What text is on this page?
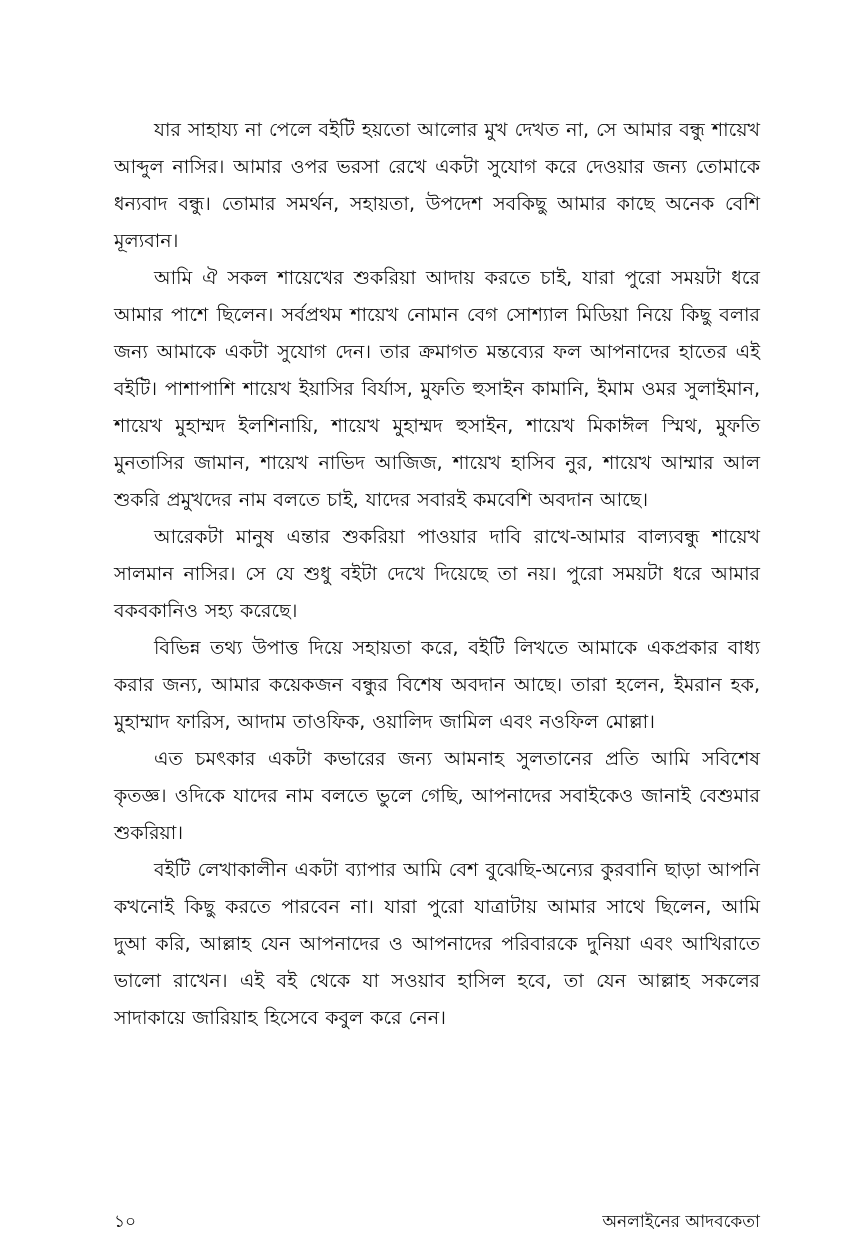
যার সাহায্য না পেলে বইটি হয়তো আলোর মুখ দেখত না, সে আমার বন্ধু শায়েখ আব্দুল নাসির। আমার ওপর ভরসা রেখে একটা সুযোগ করে দেওয়ার জন্য তোমাকে ধন্যবাদ বন্ধু। তোমার সমর্থন, সহায়তা, উপদেশ সবকিছু আমার কাছে অনেক বেশি মূল্যবান।

আমি ঐ সকল শায়েখের শুকরিয়া আদায় করতে চাই, যারা পুরো সময়টা ধরে আমার পাশে ছিলেন। সর্বপ্রথম শায়েখ নোমান বেগ সোশ্যাল মিডিয়া নিয়ে কিছু বলার জন্য আমাকে একটা সুযোগ দেন। তার ক্রমাগত মন্তব্যের ফল আপনাদের হাতের এই বইটি। পাশাপাশি শায়েখ ইয়াসির বির্যাস, মুফতি হুসাইন কামানি, ইমাম ওমর সুলাইমান, শায়েখ মুহাম্মদ ইলশিনায়ি, শায়েখ মুহাম্মদ হুসাইন, শায়েখ মিকাঈল স্মিথ, মুফতি মুনতাসির জামান, শায়েখ নাভিদ আজিজ, শায়েখ হাসিব নুর, শায়েখ আম্মার আল শুকরি প্রমুখদের নাম বলতে চাই, যাদের সবারই কমবেশি অবদান আছে।

আরেকটা মানুষ এন্তার শুকরিয়া পাওয়ার দাবি রাখে-আমার বাল্যবন্ধু শায়েখ সালমান নাসির। সে যে শুধু বইটা দেখে দিয়েছে তা নয়। পুরো সময়টা ধরে আমার বকবকানিও সহ্য করেছে।

বিভিন্ন তথ্য উপাত্ত দিয়ে সহায়তা করে, বইটি লিখতে আমাকে একপ্রকার বাধ্য করার জন্য, আমার কয়েকজন বন্ধুর বিশেষ অবদান আছে। তারা হলেন, ইমরান হক, মুহাম্মাদ ফারিস, আদাম তাওফিক, ওয়ালিদ জামিল এবং নওফিল মোল্লা।

এত চমৎকার একটা কভারের জন্য আমনাহ সুলতানের প্রতি আমি সবিশেষ কৃতজ্ঞ। ওদিকে যাদের নাম বলতে ভুলে গেছি, আপনাদের সবাইকেও জানাই বেশুমার শুকরিয়া।

বইটি লেখাকালীন একটা ব্যাপার আমি বেশ বুঝেছি-অন্যের কুরবানি ছাড়া আপনি কখনোই কিছু করতে পারবেন না। যারা পুরো যাত্রাটায় আমার সাথে ছিলেন, আমি দুআ করি, আল্লাহ যেন আপনাদের ও আপনাদের পরিবারকে দুনিয়া এবং আখিরাতে ভালো রাখেন। এই বই থেকে যা সওয়াব হাসিল হবে, তা যেন আল্লাহ সকলের সাদাকায়ে জারিয়াহ হিসেবে কবুল করে নেন।

১০	অনলাইনের আদবকেতা
